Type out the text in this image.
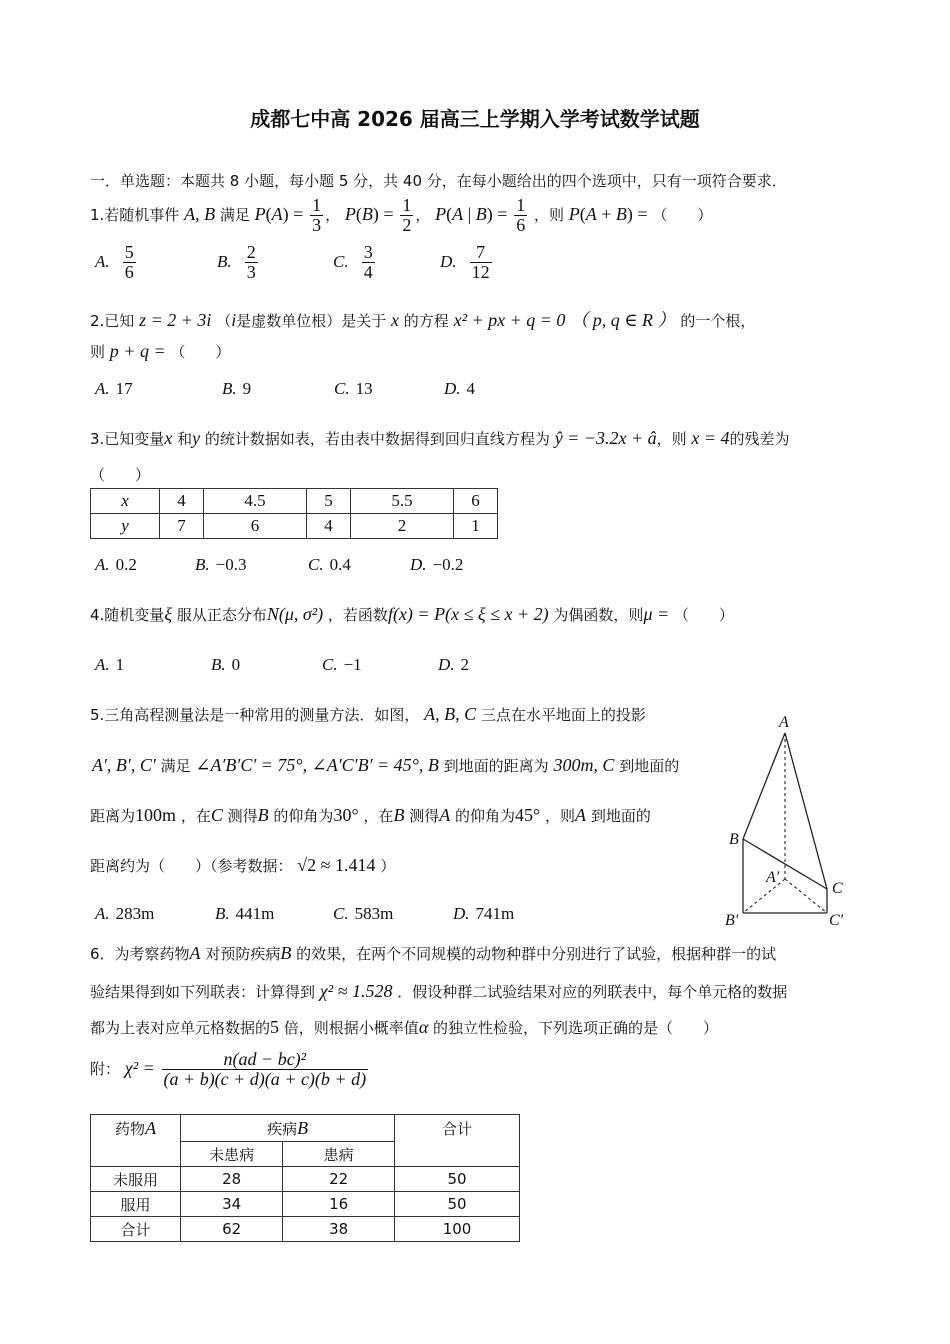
成都七中高 2026 届高三上学期入学考试数学试题
一．单选题：本题共 8 小题，每小题 5 分，共 40 分，在每小题给出的四个选项中，只有一项符合要求．
1.若随机事件 A, B 满足 $P(A) = \frac{1}{3}$ ， $P(B) = \frac{1}{2}$ ， P(A | $B) = \frac{1}{6}$ ，则 P(A + B) = （　　）
A. $\frac{5}{6}$	B. $\frac{2}{3}$	C. $\frac{3}{4}$	D. $\frac{7}{12}$
2.已知 z = 2 + 3i （i是虚数单位根）是关于 x 的方程 x² + px + q = 0 （ p, q ∈ R ） 的一个根，
则 p + q = （　　）
A. 17	B. 9	C. 13	D. 4
3.已知变量x 和y 的统计数据如表，若由表中数据得到回归直线方程为 ŷ = −3.2x + â，则 x = 4的残差为
（　　）
x	4	4.5	5	5.5	6
y	7	6	4	2	1
A. 0.2	B. −0.3	C. 0.4	D. −0.2
4.随机变量ξ 服从正态分布N(μ, σ²) ，若函数f(x) = P(x ≤ ξ ≤ x + 2) 为偶函数，则μ = （　　）
A. 1	B. 0	C. −1	D. 2
5.三角高程测量法是一种常用的测量方法．如图， A, B, C 三点在水平地面上的投影
A′, B′, C′ 满足 ∠A′B′C′ = 75°, ∠A′C′B′ = 45°, B 到地面的距离为 300m, C 到地面的
距离为100m ，在C 测得B 的仰角为30° ，在B 测得A 的仰角为45° ，则A 到地面的
距离约为（　　）（参考数据： √2 ≈ 1.414 ）
A. 283m	B. 441m	C. 583m	D. 741m
A
B
C
A′
B′	C′
6．为考察药物A 对预防疾病B 的效果，在两个不同规模的动物种群中分别进行了试验，根据种群一的试
验结果得到如下列联表：计算得到 χ² ≈ 1.528 ．假设种群二试验结果对应的列联表中，每个单元格的数据
都为上表对应单元格数据的5 倍，则根据小概率值α 的独立性检验，下列选项正确的是（　　）
附： $\chi^2 = \frac{\text{n(ad − bc)²}}{(a + b)(c + d)(a + c)(b + d)}$
药物A	疾病B		合计
	未患病	患病	
未服用	28	22	50
服用	34	16	50
合计	62	38	100
